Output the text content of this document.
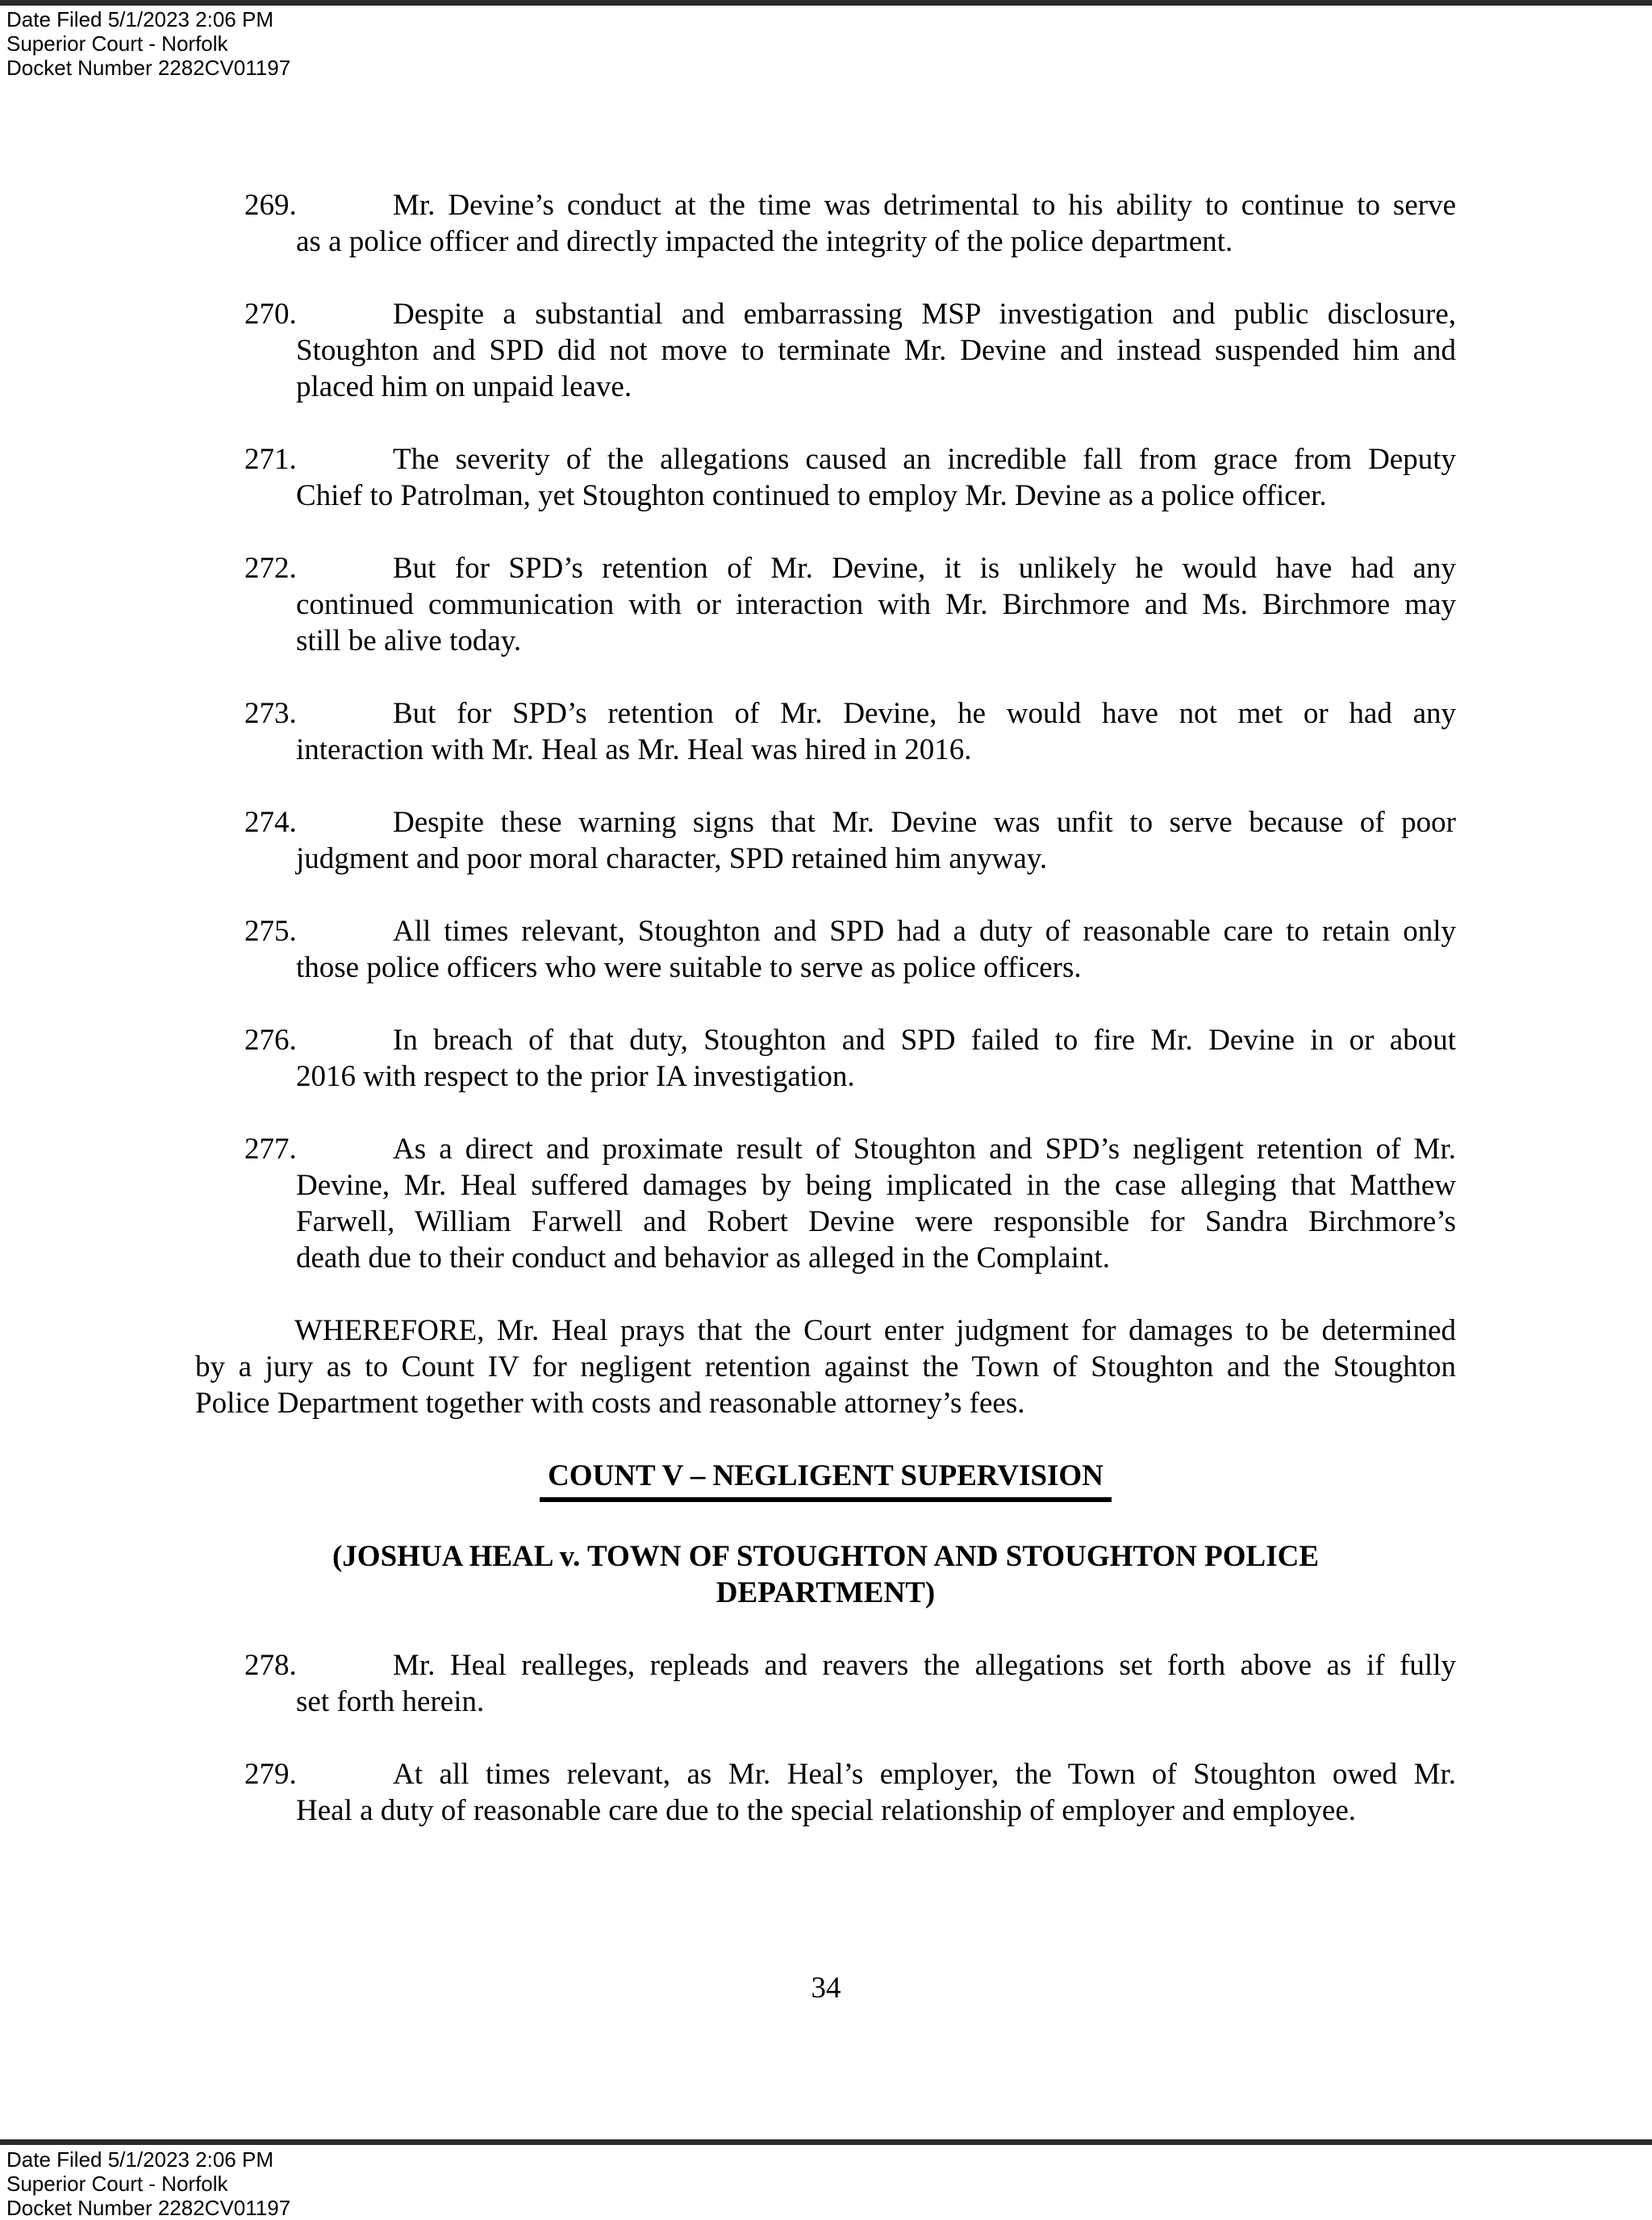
Date Filed 5/1/2023 2:06 PM
Superior Court - Norfolk
Docket Number 2282CV01197
269.	Mr. Devine’s conduct at the time was detrimental to his ability to continue to serve
as a police officer and directly impacted the integrity of the police department.
270.	Despite a substantial and embarrassing MSP investigation and public disclosure,
Stoughton and SPD did not move to terminate Mr. Devine and instead suspended him and
placed him on unpaid leave.
271.	The severity of the allegations caused an incredible fall from grace from Deputy
Chief to Patrolman, yet Stoughton continued to employ Mr. Devine as a police officer.
272.	But for SPD’s retention of Mr. Devine, it is unlikely he would have had any
continued communication with or interaction with Mr. Birchmore and Ms. Birchmore may
still be alive today.
273.	But for SPD’s retention of Mr. Devine, he would have not met or had any
interaction with Mr. Heal as Mr. Heal was hired in 2016.
274.	Despite these warning signs that Mr. Devine was unfit to serve because of poor
judgment and poor moral character, SPD retained him anyway.
275.	All times relevant, Stoughton and SPD had a duty of reasonable care to retain only
those police officers who were suitable to serve as police officers.
276.	In breach of that duty, Stoughton and SPD failed to fire Mr. Devine in or about
2016 with respect to the prior IA investigation.
277.	As a direct and proximate result of Stoughton and SPD’s negligent retention of Mr.
Devine, Mr. Heal suffered damages by being implicated in the case alleging that Matthew
Farwell, William Farwell and Robert Devine were responsible for Sandra Birchmore’s
death due to their conduct and behavior as alleged in the Complaint.
WHEREFORE, Mr. Heal prays that the Court enter judgment for damages to be determined
by a jury as to Count IV for negligent retention against the Town of Stoughton and the Stoughton
Police Department together with costs and reasonable attorney’s fees.
COUNT V – NEGLIGENT SUPERVISION
(JOSHUA HEAL v. TOWN OF STOUGHTON AND STOUGHTON POLICE
DEPARTMENT)
278.	Mr. Heal realleges, repleads and reavers the allegations set forth above as if fully
set forth herein.
279.	At all times relevant, as Mr. Heal’s employer, the Town of Stoughton owed Mr.
Heal a duty of reasonable care due to the special relationship of employer and employee.
34
Date Filed 5/1/2023 2:06 PM
Superior Court - Norfolk
Docket Number 2282CV01197
